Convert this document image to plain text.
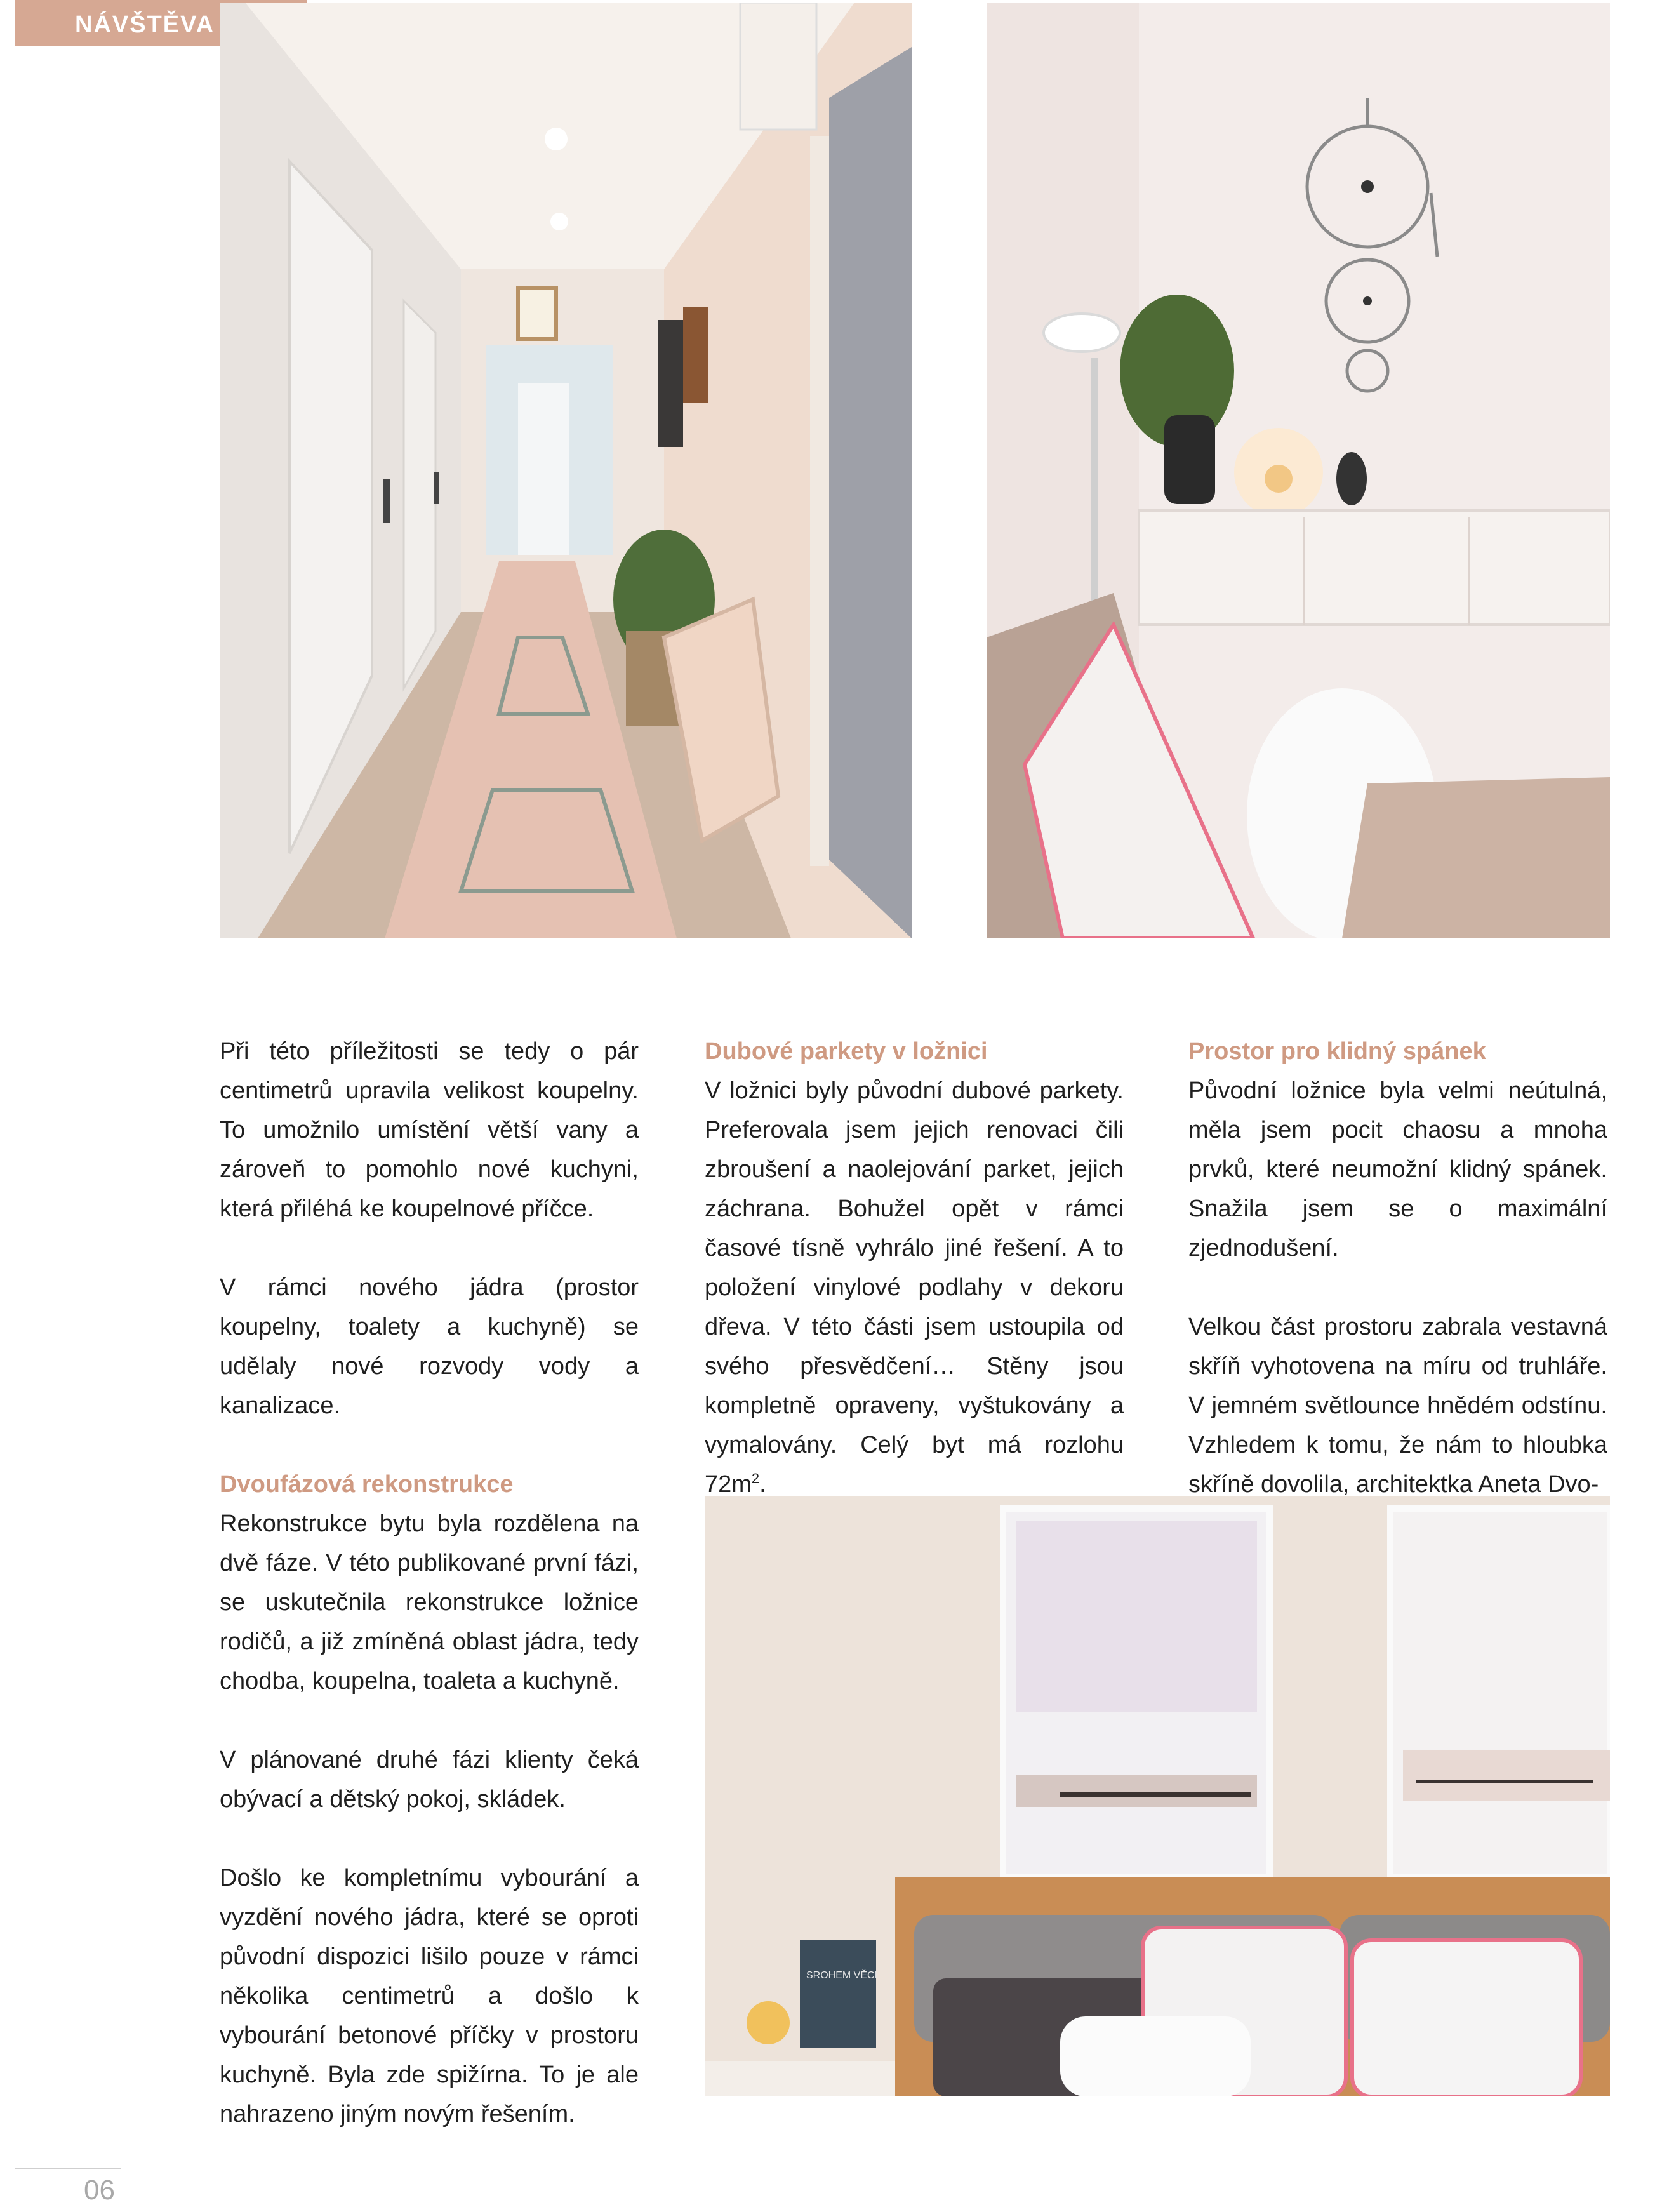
NÁVŠTĚVA
SROHEM VĚCI

Při této příležitosti se tedy o pár centimetrů upravila velikost koupelny. To umožnilo umístění větší vany a zároveň to pomohlo nové kuchyni, která přiléhá ke koupelnové příčce.

V rámci nového jádra (prostor koupelny, toalety a kuchyně) se udělaly nové rozvody vody a kanalizace.

Dvoufázová rekonstrukce

Rekonstrukce bytu byla rozdělena na dvě fáze. V této publikované první fázi, se uskutečnila rekonstrukce ložnice rodičů, a již zmíněná oblast jádra, tedy chodba, koupelna, toaleta a kuchyně.

V plánované druhé fázi klienty čeká obývací a dětský pokoj, skládek.

Došlo ke kompletnímu vybourání a vyzdění nového jádra, které se oproti původní dispozici lišilo pouze v rámci několika centimetrů a došlo k vybourání betonové příčky v prostoru kuchyně. Byla zde spižírna. To je ale nahrazeno jiným novým řešením.

Dubové parkety v ložnici

V ložnici byly původní dubové parkety. Preferovala jsem jejich renovaci čili zbroušení a naolejování parket, jejich záchrana. Bohužel opět v rámci časové tísně vyhrálo jiné řešení. A to položení vinylové podlahy v dekoru dřeva. V této části jsem ustoupila od svého přesvědčení… Stěny jsou kompletně opraveny, vyštukovány a vymalovány. Celý byt má rozlohu $72m^2$.

Prostor pro klidný spánek

Původní ložnice byla velmi neútulná, měla jsem pocit chaosu a mnoha prvků, které neumožní klidný spánek. Snažila jsem se o maximální zjednodušení.

Velkou část prostoru zabrala vestavná skříň vyhotovena na míru od truhláře. V jemném světlounce hnědém odstínu. Vzhledem k tomu, že nám to hloubka skříně dovolila, architektka Aneta Dvo-

06
